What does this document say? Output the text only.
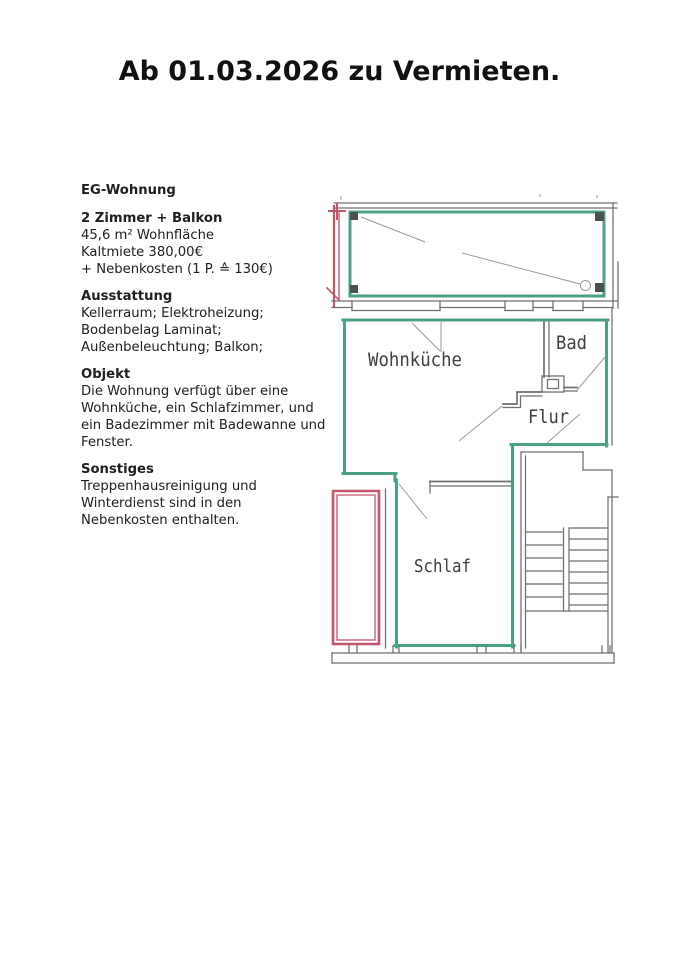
Ab 01.03.2026 zu Vermieten.
EG-Wohnung
2 Zimmer + Balkon
45,6 m² Wohnfläche
Kaltmiete 380,00€
+ Nebenkosten (1 P. ≙ 130€)
Ausstattung
Kellerraum; Elektroheizung;
Bodenbelag Laminat;
Außenbeleuchtung; Balkon;
Objekt
Die Wohnung verfügt über eine
Wohnküche, ein Schlafzimmer, und
ein Badezimmer mit Badewanne und
Fenster.
Sonstiges
Treppenhausreinigung und
Winterdienst sind in den
Nebenkosten enthalten.
Wohnküche
Bad
Flur
Schlaf
